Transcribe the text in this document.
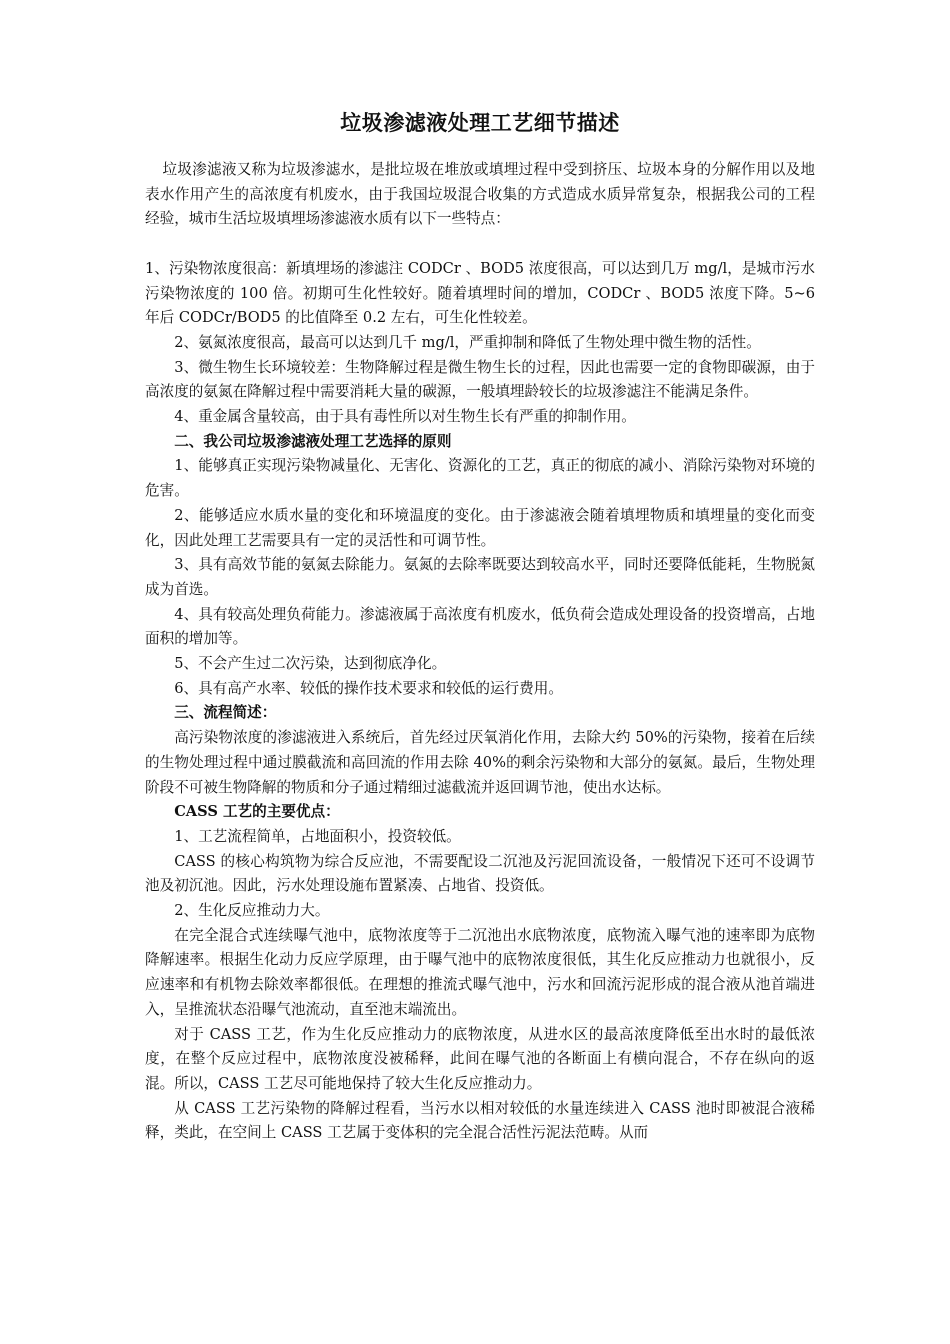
垃圾渗滤液处理工艺细节描述

垃圾渗滤液又称为垃圾渗滤水，是批垃圾在堆放或填埋过程中受到挤压、垃圾本身的分解作用以及地表水作用产生的高浓度有机废水，由于我国垃圾混合收集的方式造成水质异常复杂，根据我公司的工程经验，城市生活垃圾填埋场渗滤液水质有以下一些特点：

1、污染物浓度很高：新填埋场的渗滤注 CODCr 、BOD5 浓度很高，可以达到几万 mg/l，是城市污水污染物浓度的 100 倍。初期可生化性较好。随着填埋时间的增加，CODCr 、BOD5 浓度下降。5~6 年后 CODCr/BOD5 的比值降至 0.2 左右，可生化性较差。

2、氨氮浓度很高，最高可以达到几千 mg/l，严重抑制和降低了生物处理中微生物的活性。

3、微生物生长环境较差：生物降解过程是微生物生长的过程，因此也需要一定的食物即碳源，由于高浓度的氨氮在降解过程中需要消耗大量的碳源，一般填埋龄较长的垃圾渗滤注不能满足条件。

4、重金属含量较高，由于具有毒性所以对生物生长有严重的抑制作用。

二、我公司垃圾渗滤液处理工艺选择的原则

1、能够真正实现污染物减量化、无害化、资源化的工艺，真正的彻底的减小、消除污染物对环境的危害。

2、能够适应水质水量的变化和环境温度的变化。由于渗滤液会随着填埋物质和填埋量的变化而变化，因此处理工艺需要具有一定的灵活性和可调节性。

3、具有高效节能的氨氮去除能力。氨氮的去除率既要达到较高水平，同时还要降低能耗，生物脱氮成为首选。

4、具有较高处理负荷能力。渗滤液属于高浓度有机废水，低负荷会造成处理设备的投资增高，占地面积的增加等。

5、不会产生过二次污染，达到彻底净化。

6、具有高产水率、较低的操作技术要求和较低的运行费用。

三、流程简述：

高污染物浓度的渗滤液进入系统后，首先经过厌氧消化作用，去除大约 50%的污染物，接着在后续的生物处理过程中通过膜截流和高回流的作用去除 40%的剩余污染物和大部分的氨氮。最后，生物处理阶段不可被生物降解的物质和分子通过精细过滤截流并返回调节池，使出水达标。

CASS 工艺的主要优点：

1、工艺流程简单，占地面积小，投资较低。

CASS 的核心构筑物为综合反应池，不需要配设二沉池及污泥回流设备，一般情况下还可不设调节池及初沉池。因此，污水处理设施布置紧凑、占地省、投资低。

2、生化反应推动力大。

在完全混合式连续曝气池中，底物浓度等于二沉池出水底物浓度，底物流入曝气池的速率即为底物降解速率。根据生化动力反应学原理，由于曝气池中的底物浓度很低，其生化反应推动力也就很小，反应速率和有机物去除效率都很低。在理想的推流式曝气池中，污水和回流污泥形成的混合液从池首端进入，呈推流状态沿曝气池流动，直至池末端流出。

对于 CASS 工艺，作为生化反应推动力的底物浓度，从进水区的最高浓度降低至出水时的最低浓度，在整个反应过程中，底物浓度没被稀释，此间在曝气池的各断面上有横向混合，不存在纵向的返混。所以，CASS 工艺尽可能地保持了较大生化反应推动力。

从 CASS 工艺污染物的降解过程看，当污水以相对较低的水量连续进入 CASS 池时即被混合液稀释，类此，在空间上 CASS 工艺属于变体积的完全混合活性污泥法范畴。从而
